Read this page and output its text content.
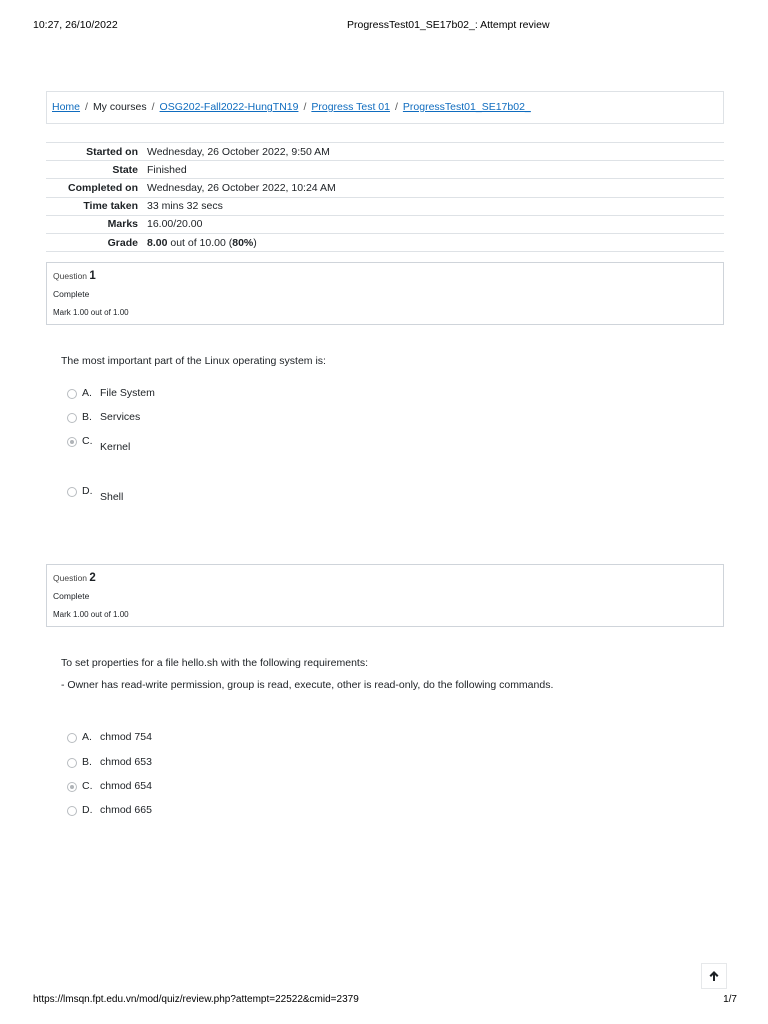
10:27, 26/10/2022	ProgressTest01_SE17b02_: Attempt review
Home / My courses / OSG202-Fall2022-HungTN19 / Progress Test 01 / ProgressTest01_SE17b02_
Started on	Wednesday, 26 October 2022, 9:50 AM
State	Finished
Completed on	Wednesday, 26 October 2022, 10:24 AM
Time taken	33 mins 32 secs
Marks	16.00/20.00
Grade	8.00 out of 10.00 (80%)
Question 1
Complete
Mark 1.00 out of 1.00
The most important part of the Linux operating system is:
A. File System
B. Services
C. Kernel
D. Shell
Question 2
Complete
Mark 1.00 out of 1.00
To set properties for a file hello.sh with the following requirements:
- Owner has read-write permission, group is read, execute, other is read-only, do the following commands.
A. chmod 754
B. chmod 653
C. chmod 654
D. chmod 665
https://lmsqn.fpt.edu.vn/mod/quiz/review.php?attempt=22522&cmid=2379	1/7
